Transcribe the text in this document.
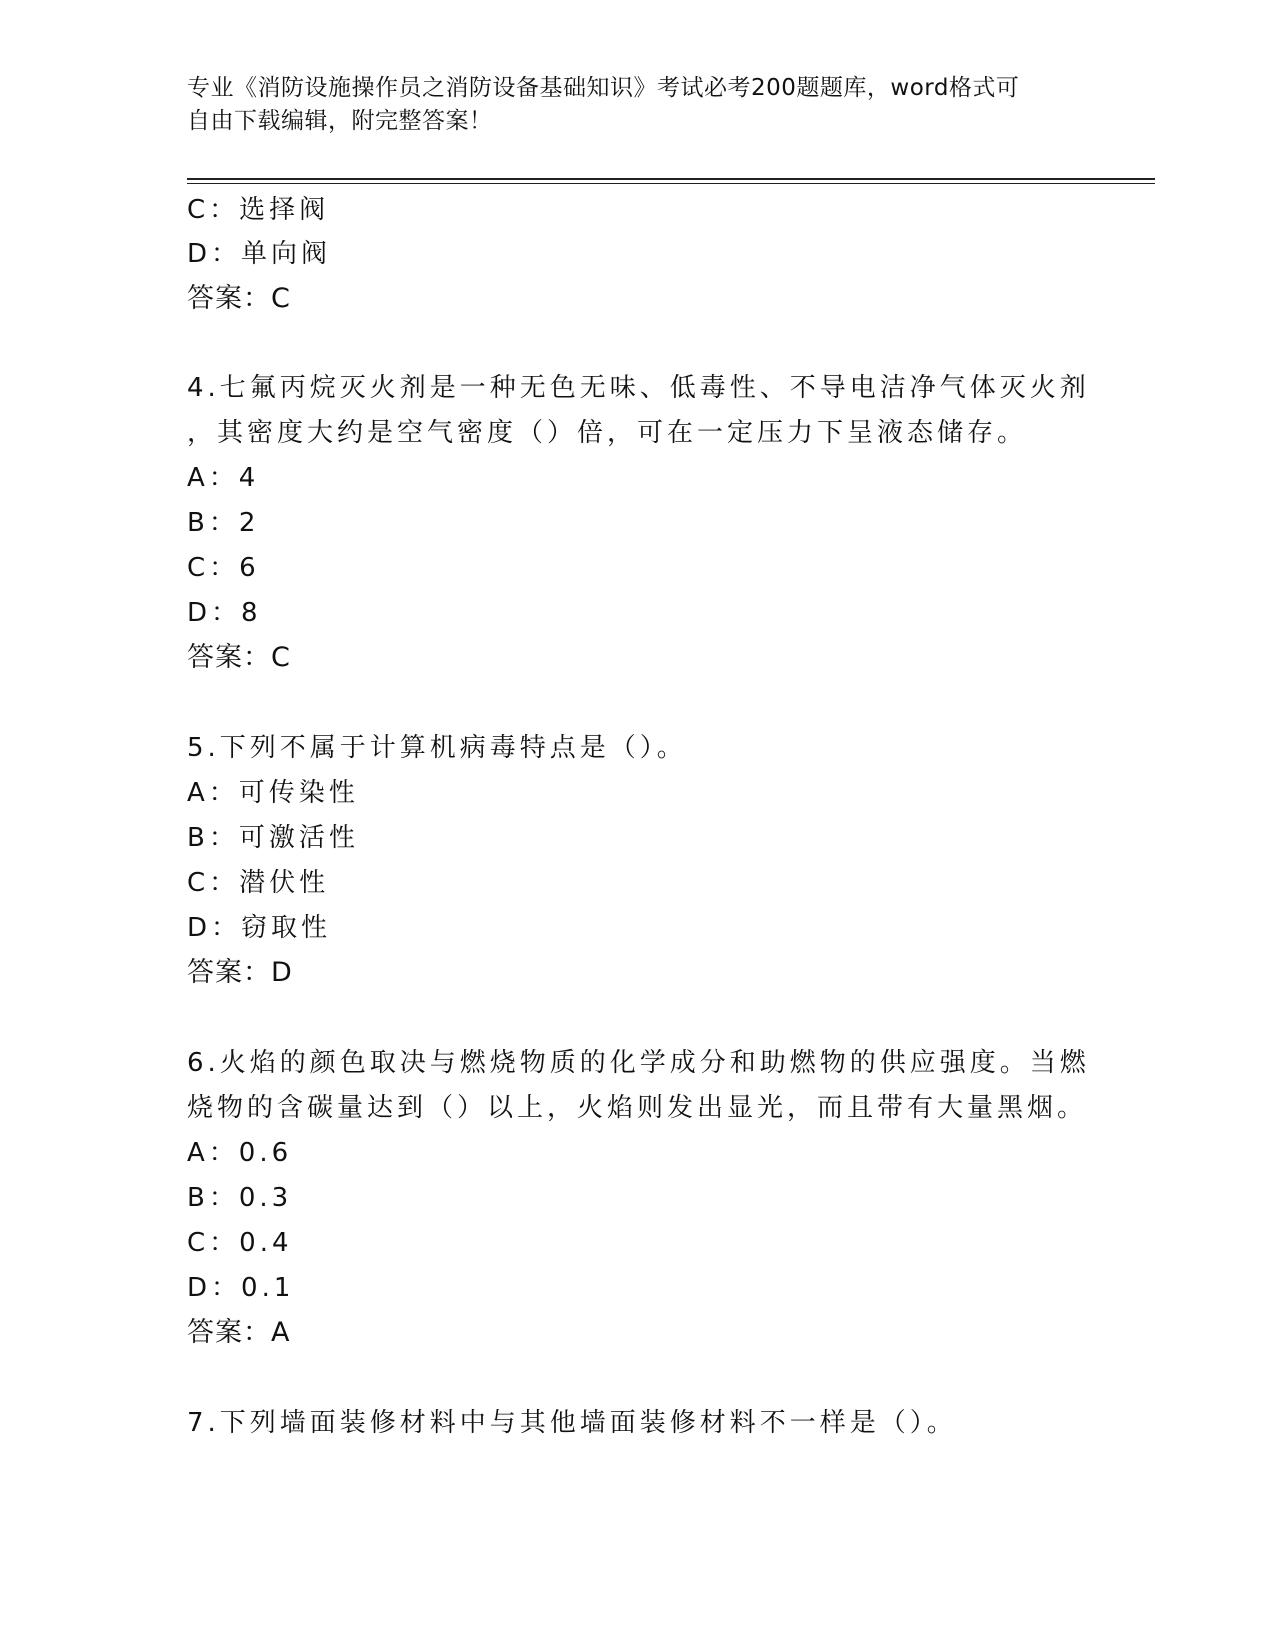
专业《消防设施操作员之消防设备基础知识》考试必考200题题库，word格式可
自由下载编辑，附完整答案！
C：选择阀
D：单向阀
答案：C
4.七氟丙烷灭火剂是一种无色无味、低毒性、不导电洁净气体灭火剂
，其密度大约是空气密度（）倍，可在一定压力下呈液态储存。
A：4
B：2
C：6
D：8
答案：C
5.下列不属于计算机病毒特点是（）。
A：可传染性
B：可激活性
C：潜伏性
D：窃取性
答案：D
6.火焰的颜色取决与燃烧物质的化学成分和助燃物的供应强度。当燃
烧物的含碳量达到（）以上，火焰则发出显光，而且带有大量黑烟。
A：0.6
B：0.3
C：0.4
D：0.1
答案：A
7.下列墙面装修材料中与其他墙面装修材料不一样是（）。
